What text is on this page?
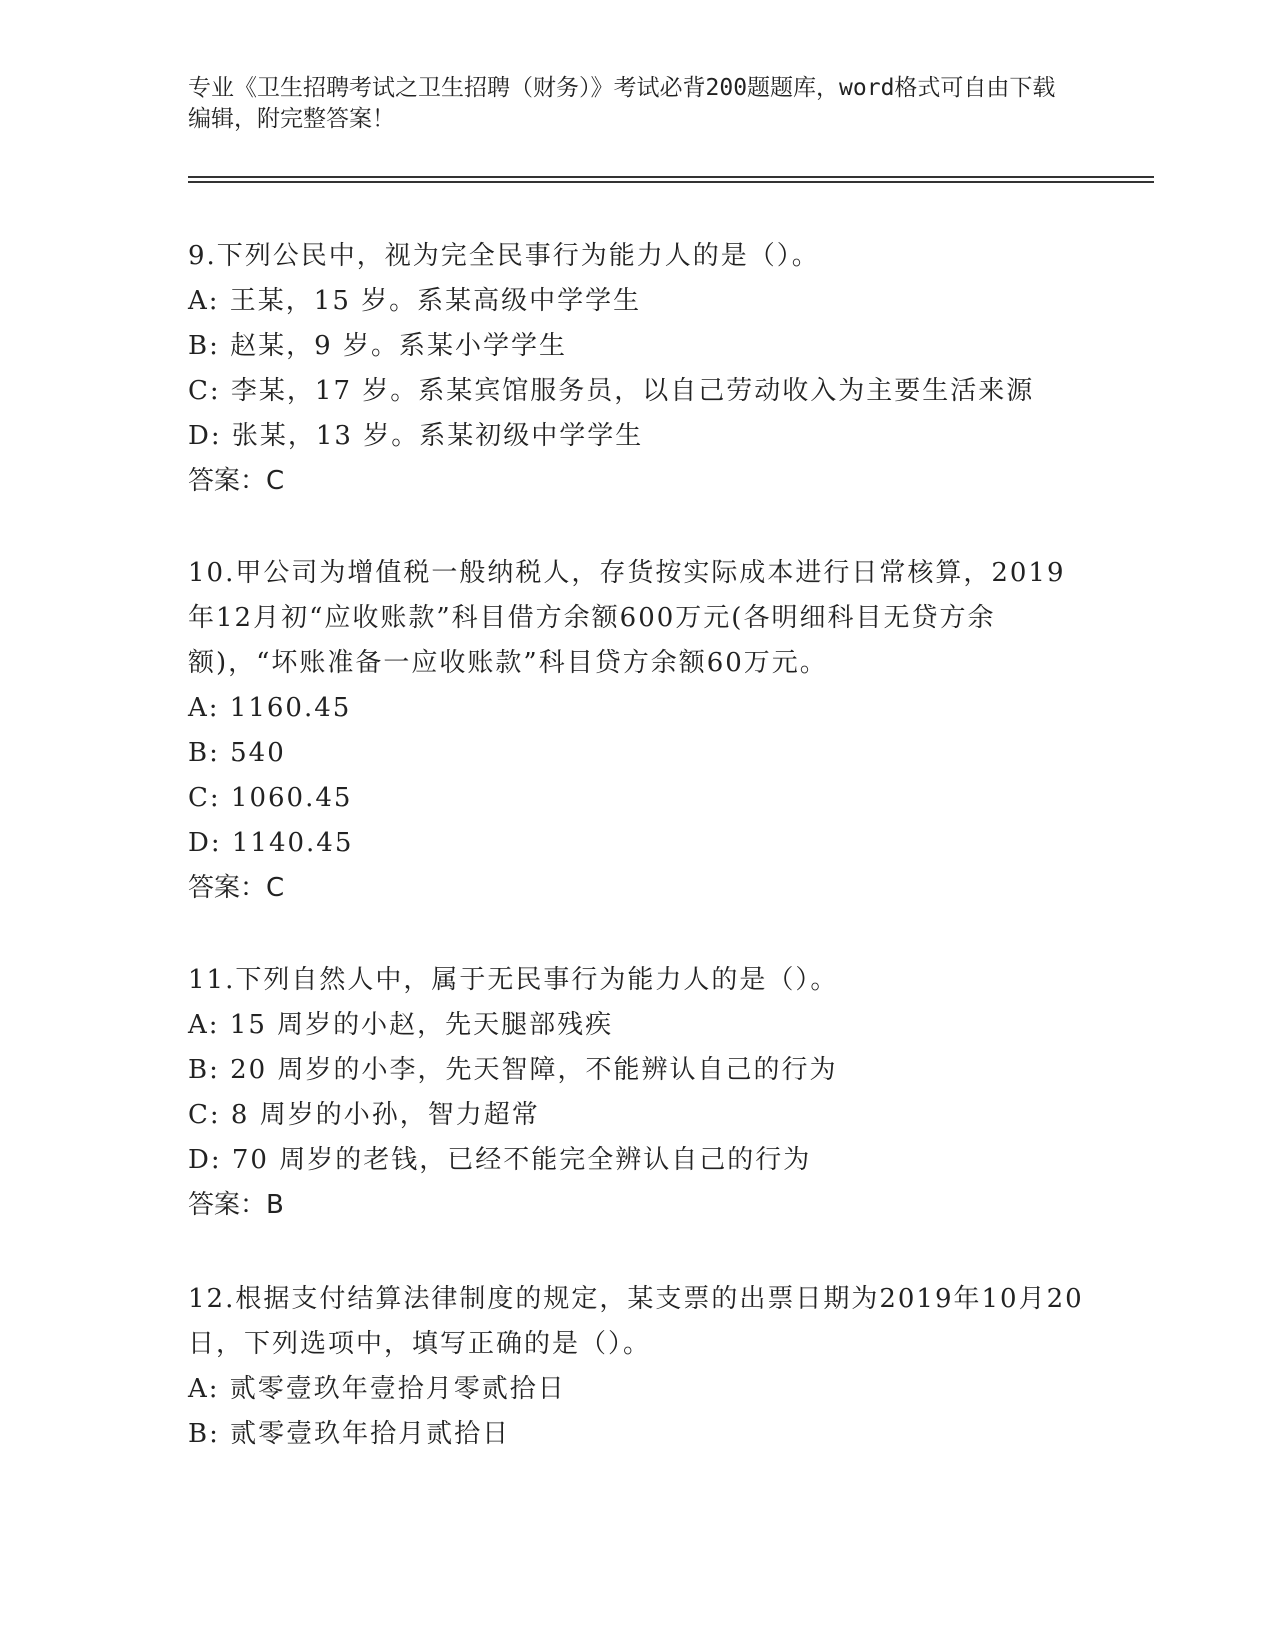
专业《卫生招聘考试之卫生招聘（财务）》考试必背200题题库，word格式可自由下载编辑，附完整答案！

9.下列公民中，视为完全民事行为能力人的是（）。

A: 王某，15 岁。系某高级中学学生

B: 赵某，9 岁。系某小学学生

C: 李某，17 岁。系某宾馆服务员，以自己劳动收入为主要生活来源

D: 张某，13 岁。系某初级中学学生

答案：C

10.甲公司为增值税一般纳税人，存货按实际成本进行日常核算，2019年12月初“应收账款”科目借方余额600万元(各明细科目无贷方余额)，“坏账准备一应收账款”科目贷方余额60万元。

A: 1160.45

B: 540

C: 1060.45

D: 1140.45

答案：C

11.下列自然人中，属于无民事行为能力人的是（）。

A: 15 周岁的小赵，先天腿部残疾

B: 20 周岁的小李，先天智障，不能辨认自己的行为

C: 8 周岁的小孙，智力超常

D: 70 周岁的老钱，已经不能完全辨认自己的行为

答案：B

12.根据支付结算法律制度的规定，某支票的出票日期为2019年10月20日，下列选项中，填写正确的是（）。

A: 贰零壹玖年壹拾月零贰拾日

B: 贰零壹玖年拾月贰拾日
